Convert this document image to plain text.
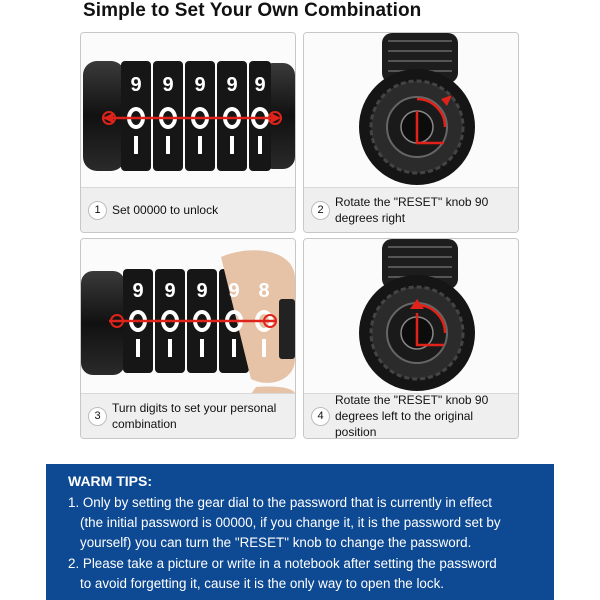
Simple to Set Your Own Combination
9 9 9 9 9
1 Set 00000 to unlock	2
Rotate the "RESET" knob 90 degrees right
9 9 9 9 8
3
Turn digits to set your personal combination
4
Rotate the "RESET" knob 90 degrees left to the original position
WARM TIPS:
1. Only by setting the gear dial to the password that is currently in effect
(the initial password is 00000, if you change it, it is the password set by
yourself) you can turn the "RESET" knob to change the password.
2. Please take a picture or write in a notebook after setting the password
to avoid forgetting it, cause it is the only way to open the lock.
